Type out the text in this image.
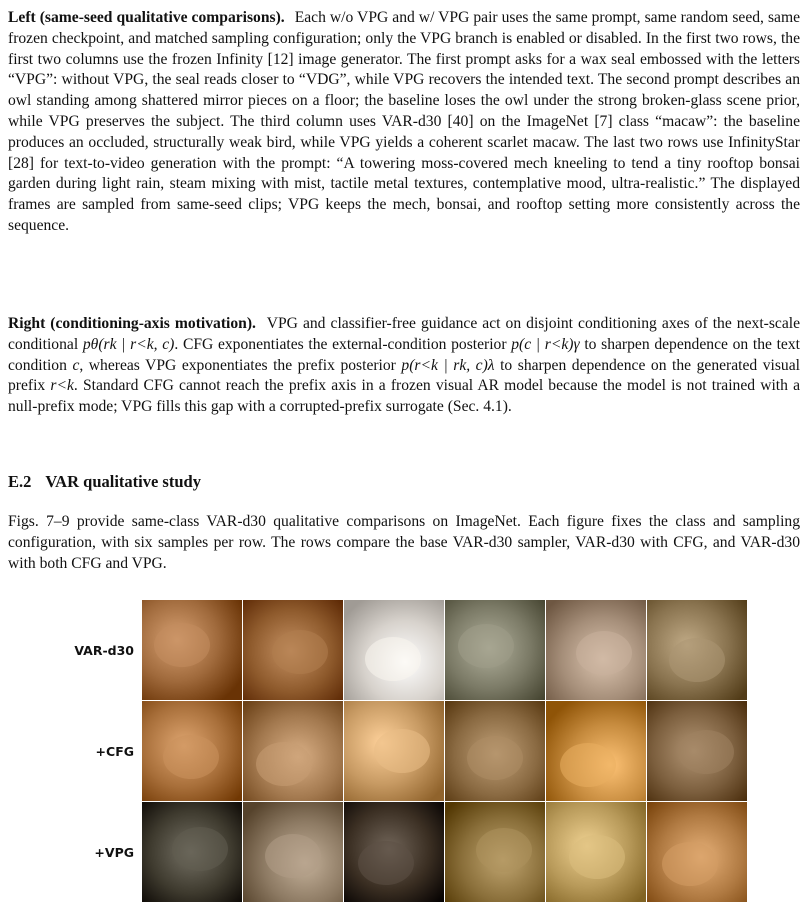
Left (same-seed qualitative comparisons). Each w/o VPG and w/ VPG pair uses the same prompt, same random seed, same frozen checkpoint, and matched sampling configuration; only the VPG branch is enabled or disabled. In the first two rows, the first two columns use the frozen Infinity [12] image generator. The first prompt asks for a wax seal embossed with the letters “VPG”: without VPG, the seal reads closer to “VDG”, while VPG recovers the intended text. The second prompt describes an owl standing among shattered mirror pieces on a floor; the baseline loses the owl under the strong broken-glass scene prior, while VPG preserves the subject. The third column uses VAR-d30 [40] on the ImageNet [7] class “macaw”: the baseline produces an occluded, structurally weak bird, while VPG yields a coherent scarlet macaw. The last two rows use InfinityStar [28] for text-to-video generation with the prompt: “A towering moss-covered mech kneeling to tend a tiny rooftop bonsai garden during light rain, steam mixing with mist, tactile metal textures, contemplative mood, ultra-realistic.” The displayed frames are sampled from same-seed clips; VPG keeps the mech, bonsai, and rooftop setting more consistently across the sequence.

Right (conditioning-axis motivation). VPG and classifier-free guidance act on disjoint conditioning axes of the next-scale conditional pθ(rk | r<k, c). CFG exponentiates the external-condition posterior p(c | r<k)γ to sharpen dependence on the text condition c, whereas VPG exponentiates the prefix posterior p(r<k | rk, c)λ to sharpen dependence on the generated visual prefix r<k. Standard CFG cannot reach the prefix axis in a frozen visual AR model because the model is not trained with a null-prefix mode; VPG fills this gap with a corrupted-prefix surrogate (Sec. 4.1).

E.2 VAR qualitative study

Figs. 7–9 provide same-class VAR-d30 qualitative comparisons on ImageNet. Each figure fixes the class and sampling configuration, with six samples per row. The rows compare the base VAR-d30 sampler, VAR-d30 with CFG, and VAR-d30 with both CFG and VPG.

VAR-d30
+CFG
+VPG
